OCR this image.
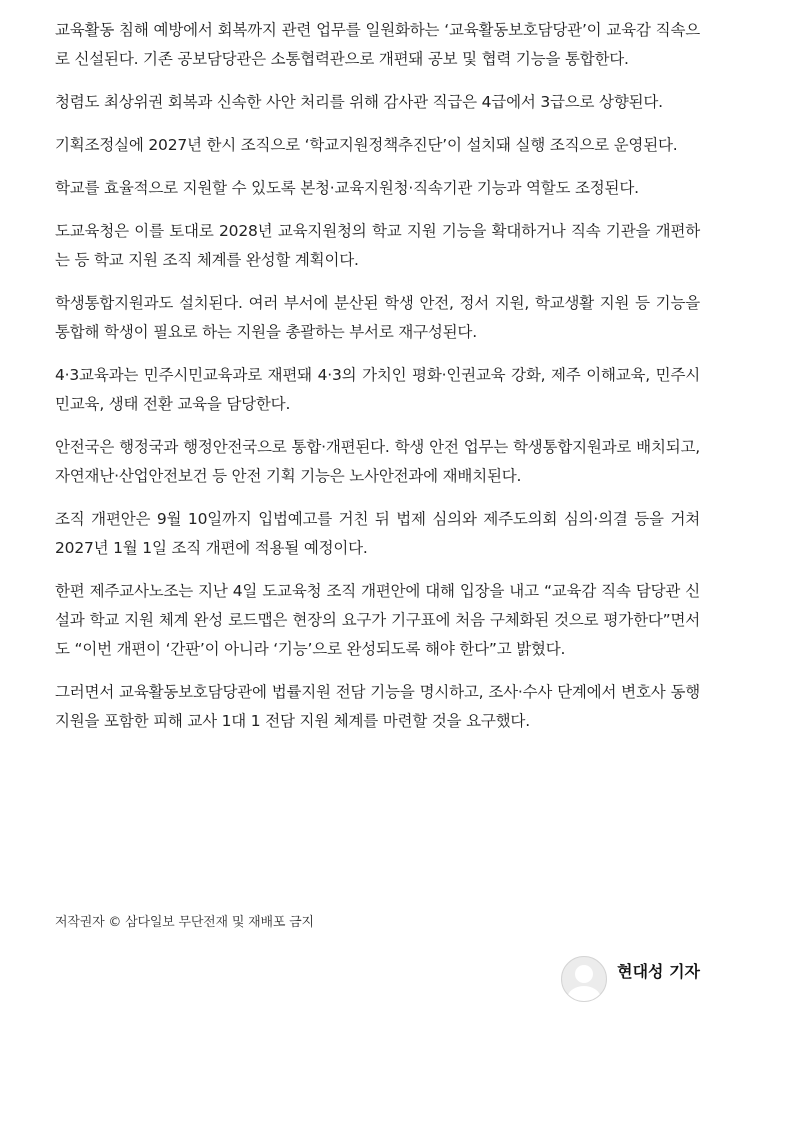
교육활동 침해 예방에서 회복까지 관련 업무를 일원화하는 ‘교육활동보호담당관’이 교육감 직속으로 신설된다. 기존 공보담당관은 소통협력관으로 개편돼 공보 및 협력 기능을 통합한다.

청렴도 최상위권 회복과 신속한 사안 처리를 위해 감사관 직급은 4급에서 3급으로 상향된다.

기획조정실에 2027년 한시 조직으로 ‘학교지원정책추진단’이 설치돼 실행 조직으로 운영된다.

학교를 효율적으로 지원할 수 있도록 본청·교육지원청·직속기관 기능과 역할도 조정된다.

도교육청은 이를 토대로 2028년 교육지원청의 학교 지원 기능을 확대하거나 직속 기관을 개편하는 등 학교 지원 조직 체계를 완성할 계획이다.

학생통합지원과도 설치된다. 여러 부서에 분산된 학생 안전, 정서 지원, 학교생활 지원 등 기능을 통합해 학생이 필요로 하는 지원을 총괄하는 부서로 재구성된다.

4·3교육과는 민주시민교육과로 재편돼 4·3의 가치인 평화·인권교육 강화, 제주 이해교육, 민주시민교육, 생태 전환 교육을 담당한다.

안전국은 행정국과 행정안전국으로 통합·개편된다. 학생 안전 업무는 학생통합지원과로 배치되고, 자연재난·산업안전보건 등 안전 기획 기능은 노사안전과에 재배치된다.

조직 개편안은 9월 10일까지 입법예고를 거친 뒤 법제 심의와 제주도의회 심의·의결 등을 거쳐 2027년 1월 1일 조직 개편에 적용될 예정이다.

한편 제주교사노조는 지난 4일 도교육청 조직 개편안에 대해 입장을 내고 “교육감 직속 담당관 신설과 학교 지원 체계 완성 로드맵은 현장의 요구가 기구표에 처음 구체화된 것으로 평가한다”면서도 “이번 개편이 ‘간판’이 아니라 ‘기능’으로 완성되도록 해야 한다”고 밝혔다.

그러면서 교육활동보호담당관에 법률지원 전담 기능을 명시하고, 조사·수사 단계에서 변호사 동행 지원을 포함한 피해 교사 1대 1 전담 지원 체계를 마련할 것을 요구했다.

저작권자 © 삼다일보 무단전재 및 재배포 금지
현대성 기자
